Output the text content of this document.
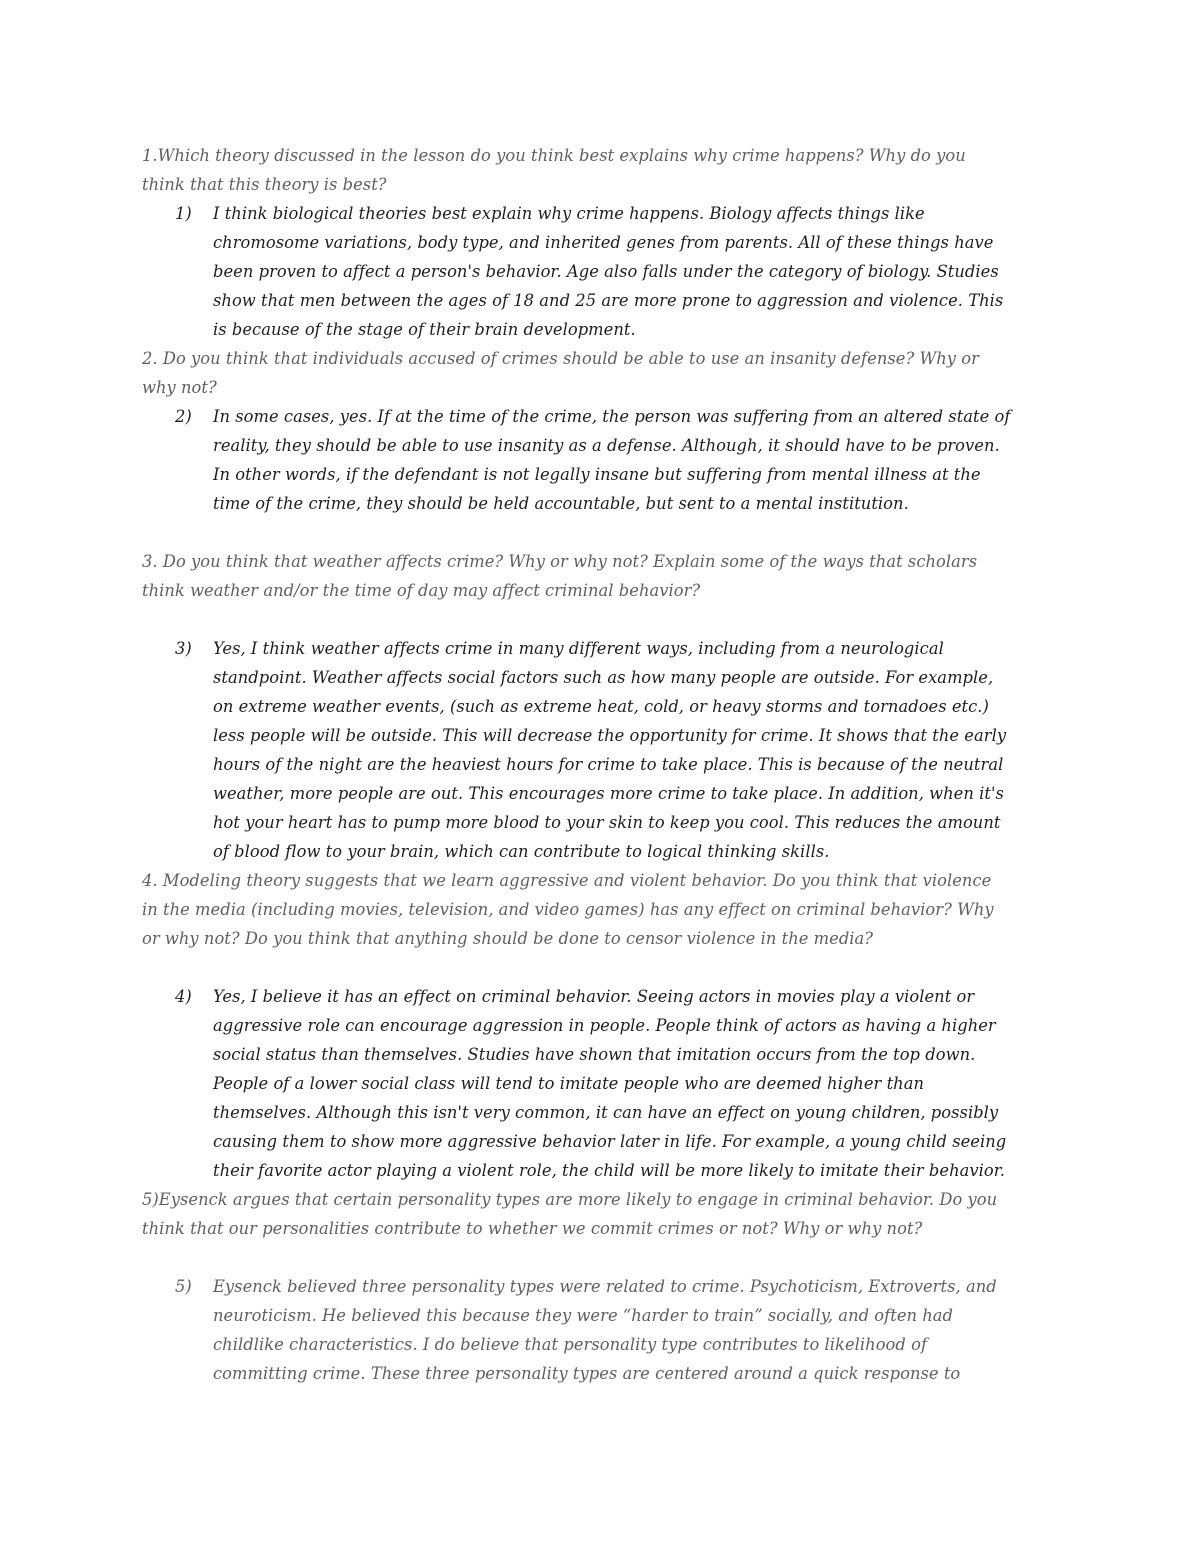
1.Which theory discussed in the lesson do you think best explains why crime happens? Why do you
think that this theory is best?
1) I think biological theories best explain why crime happens. Biology affects things like
chromosome variations, body type, and inherited genes from parents. All of these things have
been proven to affect a person's behavior. Age also falls under the category of biology. Studies
show that men between the ages of 18 and 25 are more prone to aggression and violence. This
is because of the stage of their brain development.
2. Do you think that individuals accused of crimes should be able to use an insanity defense? Why or
why not?
2) In some cases, yes. If at the time of the crime, the person was suffering from an altered state of
reality, they should be able to use insanity as a defense. Although, it should have to be proven.
In other words, if the defendant is not legally insane but suffering from mental illness at the
time of the crime, they should be held accountable, but sent to a mental institution.
3. Do you think that weather affects crime? Why or why not? Explain some of the ways that scholars
think weather and/or the time of day may affect criminal behavior?
3) Yes, I think weather affects crime in many different ways, including from a neurological
standpoint. Weather affects social factors such as how many people are outside. For example,
on extreme weather events, (such as extreme heat, cold, or heavy storms and tornadoes etc.)
less people will be outside. This will decrease the opportunity for crime. It shows that the early
hours of the night are the heaviest hours for crime to take place. This is because of the neutral
weather, more people are out. This encourages more crime to take place. In addition, when it's
hot your heart has to pump more blood to your skin to keep you cool. This reduces the amount
of blood flow to your brain, which can contribute to logical thinking skills.
4. Modeling theory suggests that we learn aggressive and violent behavior. Do you think that violence
in the media (including movies, television, and video games) has any effect on criminal behavior? Why
or why not? Do you think that anything should be done to censor violence in the media?
4) Yes, I believe it has an effect on criminal behavior. Seeing actors in movies play a violent or
aggressive role can encourage aggression in people. People think of actors as having a higher
social status than themselves. Studies have shown that imitation occurs from the top down.
People of a lower social class will tend to imitate people who are deemed higher than
themselves. Although this isn't very common, it can have an effect on young children, possibly
causing them to show more aggressive behavior later in life. For example, a young child seeing
their favorite actor playing a violent role, the child will be more likely to imitate their behavior.
5)Eysenck argues that certain personality types are more likely to engage in criminal behavior. Do you
think that our personalities contribute to whether we commit crimes or not? Why or why not?
5) Eysenck believed three personality types were related to crime. Psychoticism, Extroverts, and
neuroticism. He believed this because they were “harder to train” socially, and often had
childlike characteristics. I do believe that personality type contributes to likelihood of
committing crime. These three personality types are centered around a quick response to
